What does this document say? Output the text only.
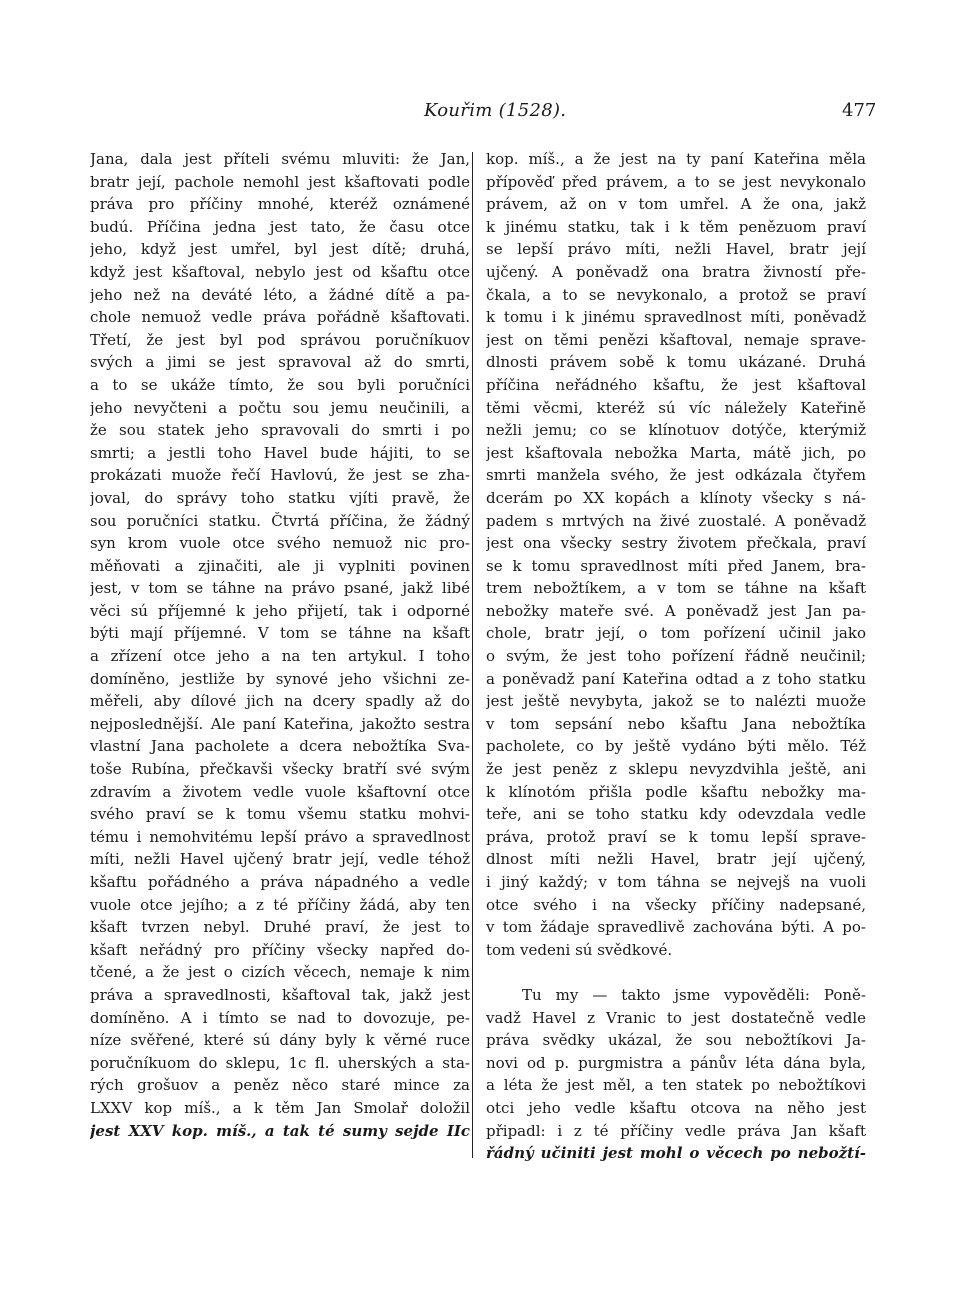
Kouřim (1528).	477
Jana, dala jest příteli svému mluviti: že Jan,
bratr její, pachole nemohl jest kšaftovati podle
práva pro příčiny mnohé, kteréž oznámené
budú. Příčina jedna jest tato, že času otce
jeho, když jest umřel, byl jest dítě; druhá,
když jest kšaftoval, nebylo jest od kšaftu otce
jeho než na deváté léto, a žádné dítě a pa-
chole nemuož vedle práva pořádně kšaftovati.
Třetí, že jest byl pod správou poručníkuov
svých a jimi se jest spravoval až do smrti,
a to se ukáže tímto, že sou byli poručníci
jeho nevyčteni a počtu sou jemu neučinili, a
že sou statek jeho spravovali do smrti i po
smrti; a jestli toho Havel bude hájiti, to se
prokázati muože řečí Havlovú, že jest se zha-
joval, do správy toho statku vjíti pravě, že
sou poručníci statku. Čtvrtá příčina, že žádný
syn krom vuole otce svého nemuož nic pro-
měňovati a zjinačiti, ale ji vyplniti povinen
jest, v tom se táhne na právo psané, jakž libé
věci sú příjemné k jeho přijetí, tak i odporné
býti mají příjemné. V tom se táhne na kšaft
a zřízení otce jeho a na ten artykul. I toho
domíněno, jestliže by synové jeho všichni ze-
měřeli, aby dílové jich na dcery spadly až do
nejposlednější. Ale paní Kateřina, jakožto sestra
vlastní Jana pacholete a dcera nebožtíka Sva-
toše Rubína, přečkavši všecky bratří své svým
zdravím a životem vedle vuole kšaftovní otce
svého praví se k tomu všemu statku mohvi-
tému i nemohvitému lepší právo a spravedlnost
míti, nežli Havel ujčený bratr její, vedle téhož
kšaftu pořádného a práva nápadného a vedle
vuole otce jejího; a z té příčiny žádá, aby ten
kšaft tvrzen nebyl. Druhé praví, že jest to
kšaft neřádný pro příčiny všecky napřed do-
tčené, a že jest o cizích věcech, nemaje k nim
práva a spravedlnosti, kšaftoval tak, jakž jest
domíněno. A i tímto se nad to dovozuje, pe-
níze svěřené, které sú dány byly k věrné ruce
poručníkuom do sklepu, 1c fl. uherských a sta-
rých grošuov a peněz něco staré mince za
LXXV kop míš., a k těm Jan Smolař doložil
jest XXV kop. míš., a tak té sumy sejde IIc
kop. míš., a že jest na ty paní Kateřina měla
přípověď před právem, a to se jest nevykonalo
právem, až on v tom umřel. A že ona, jakž
k jinému statku, tak i k těm penězuom praví
se lepší právo míti, nežli Havel, bratr její
ujčený. A poněvadž ona bratra živností pře-
čkala, a to se nevykonalo, a protož se praví
k tomu i k jinému spravedlnost míti, poněvadž
jest on těmi penězi kšaftoval, nemaje sprave-
dlnosti právem sobě k tomu ukázané. Druhá
příčina neřádného kšaftu, že jest kšaftoval
těmi věcmi, kteréž sú víc náležely Kateřině
nežli jemu; co se klínotuov dotýče, kterýmiž
jest kšaftovala nebožka Marta, mátě jich, po
smrti manžela svého, že jest odkázala čtyřem
dcerám po XX kopách a klínoty všecky s ná-
padem s mrtvých na živé zuostalé. A poněvadž
jest ona všecky sestry životem přečkala, praví
se k tomu spravedlnost míti před Janem, bra-
trem nebožtíkem, a v tom se táhne na kšaft
nebožky mateře své. A poněvadž jest Jan pa-
chole, bratr její, o tom pořízení učinil jako
o svým, že jest toho pořízení řádně neučinil;
a poněvadž paní Kateřina odtad a z toho statku
jest ještě nevybyta, jakož se to nalézti muože
v tom sepsání nebo kšaftu Jana nebožtíka
pacholete, co by ještě vydáno býti mělo. Též
že jest peněz z sklepu nevyzdvihla ještě, ani
k klínotóm přišla podle kšaftu nebožky ma-
teře, ani se toho statku kdy odevzdala vedle
práva, protož praví se k tomu lepší sprave-
dlnost míti nežli Havel, bratr její ujčený,
i jiný každý; v tom táhna se nejvejš na vuoli
otce svého i na všecky příčiny nadepsané,
v tom žádaje spravedlivě zachována býti. A po-
tom vedeni sú svědkové.
Tu my — takto jsme vypověděli: Poně-
vadž Havel z Vranic to jest dostatečně vedle
práva svědky ukázal, že sou nebožtíkovi Ja-
novi od p. purgmistra a pánův léta dána byla,
a léta že jest měl, a ten statek po nebožtíkovi
otci jeho vedle kšaftu otcova na něho jest
připadl: i z té příčiny vedle práva Jan kšaft
řádný učiniti jest mohl o věcech po nebožtí-
